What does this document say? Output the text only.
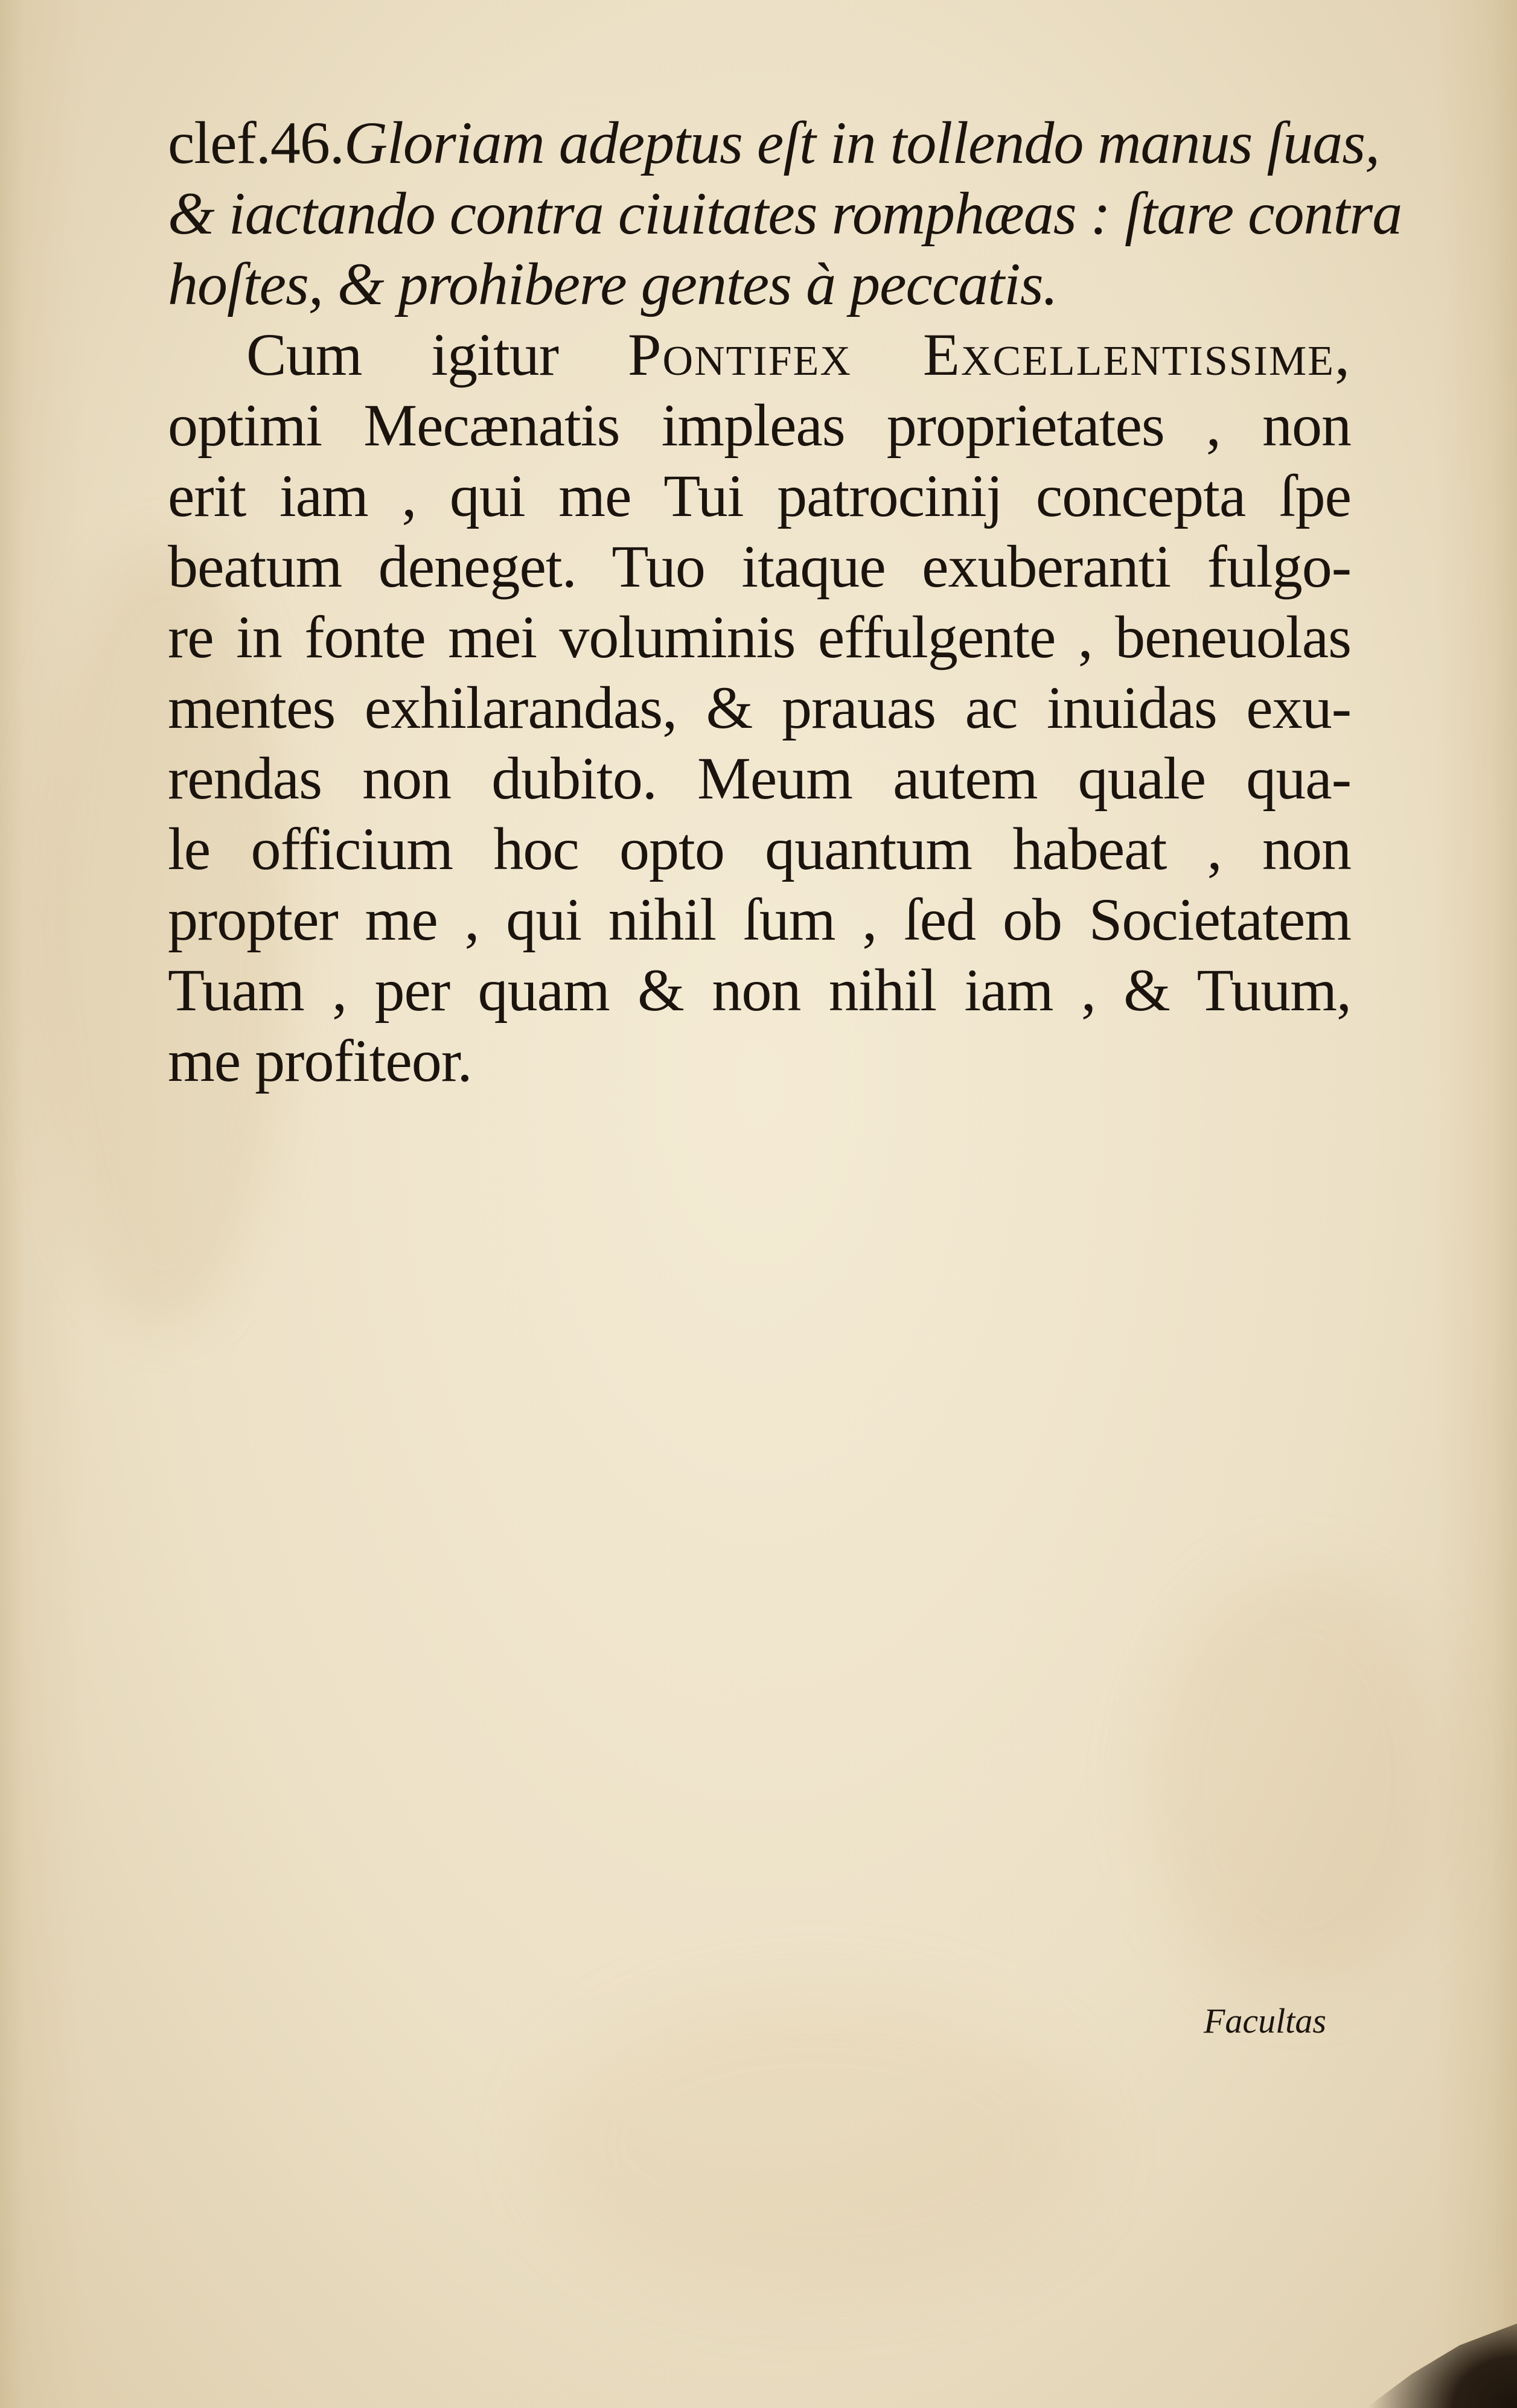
clef.46.Gloriam adeptus eſt in tollendo manus ſuas,
& iactando contra ciuitates romphæas : ſtare contra
hoſtes, & prohibere gentes à peccatis.
Cum igitur Pontifex Excellentissime,
optimi Mecænatis impleas proprietates , non
erit iam , qui me Tui patrocinij concepta ſpe
beatum deneget. Tuo itaque exuberanti fulgo-
re in fonte mei voluminis effulgente , beneuolas
mentes exhilarandas, & prauas ac inuidas exu-
rendas non dubito. Meum autem quale qua-
le officium hoc opto quantum habeat , non
propter me , qui nihil ſum , ſed ob Societatem
Tuam , per quam & non nihil iam , & Tuum,
me profiteor.
Facultas
